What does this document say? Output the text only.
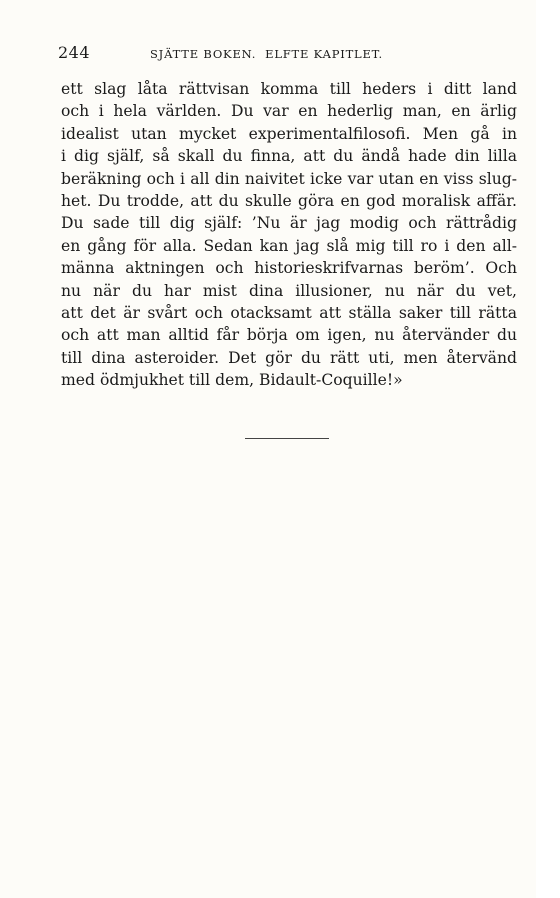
244	SJÄTTE BOKEN.  ELFTE KAPITLET.
ett slag låta rättvisan komma till heders i ditt land
och i hela världen. Du var en hederlig man, en ärlig
idealist utan mycket experimentalfilosofi. Men gå in
i dig själf, så skall du finna, att du ändå hade din lilla
beräkning och i all din naivitet icke var utan en viss slug-
het. Du trodde, att du skulle göra en god moralisk affär.
Du sade till dig själf: ’Nu är jag modig och rättrådig
en gång för alla. Sedan kan jag slå mig till ro i den all-
männa aktningen och historieskrifvarnas beröm’. Och
nu när du har mist dina illusioner, nu när du vet,
att det är svårt och otacksamt att ställa saker till rätta
och att man alltid får börja om igen, nu återvänder du
till dina asteroider. Det gör du rätt uti, men återvänd
med ödmjukhet till dem, Bidault-Coquille!»
